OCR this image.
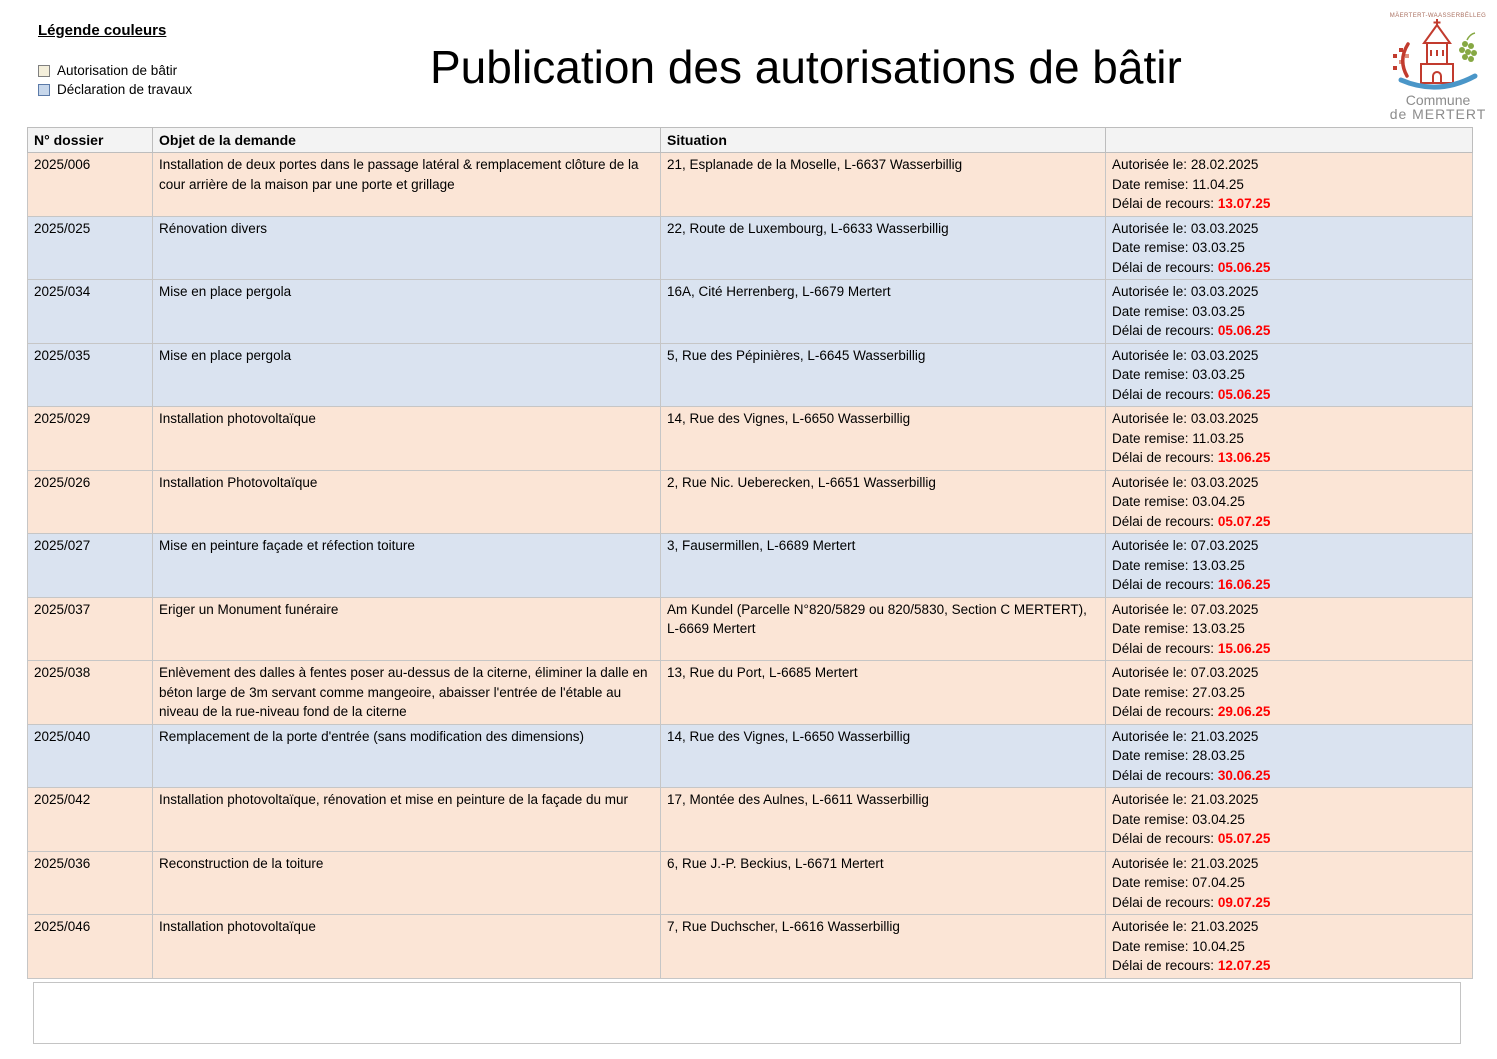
Légende couleurs
Autorisation de bâtir
Déclaration de travaux	Publication des autorisations de bâtir
MÄERTERT-WAASSERBËLLEG
Commune
de MERTERT
N° dossier	Objet de la demande	Situation	
2025/006	Installation de deux portes dans le passage latéral & remplacement clôture de la cour arrière de la maison par une porte et grillage	21, Esplanade de la Moselle, L-6637 Wasserbillig	Autorisée le: 28.02.2025
Date remise: 11.04.25
Délai de recours: 13.07.25

2025/025	Rénovation divers	22, Route de Luxembourg, L-6633 Wasserbillig	Autorisée le: 03.03.2025
Date remise: 03.03.25
Délai de recours: 05.06.25

2025/034	Mise en place pergola	16A, Cité Herrenberg, L-6679 Mertert	Autorisée le: 03.03.2025
Date remise: 03.03.25
Délai de recours: 05.06.25

2025/035	Mise en place pergola	5, Rue des Pépinières, L-6645 Wasserbillig	Autorisée le: 03.03.2025
Date remise: 03.03.25
Délai de recours: 05.06.25

2025/029	Installation photovoltaïque	14, Rue des Vignes, L-6650 Wasserbillig	Autorisée le: 03.03.2025
Date remise: 11.03.25
Délai de recours: 13.06.25

2025/026	Installation Photovoltaïque	2, Rue Nic. Ueberecken, L-6651 Wasserbillig	Autorisée le: 03.03.2025
Date remise: 03.04.25
Délai de recours: 05.07.25

2025/027	Mise en peinture façade et réfection toiture	3, Fausermillen, L-6689 Mertert	Autorisée le: 07.03.2025
Date remise: 13.03.25
Délai de recours: 16.06.25

2025/037	Eriger un Monument funéraire	Am Kundel (Parcelle N°820/5829 ou 820/5830, Section C MERTERT), L-6669 Mertert	Autorisée le: 07.03.2025
Date remise: 13.03.25
Délai de recours: 15.06.25

2025/038	Enlèvement des dalles à fentes poser au-dessus de la citerne, éliminer la dalle en béton large de 3m servant comme mangeoire, abaisser l'entrée de l'étable au niveau de la rue-niveau fond de la citerne	13, Rue du Port, L-6685 Mertert	Autorisée le: 07.03.2025
Date remise: 27.03.25
Délai de recours: 29.06.25

2025/040	Remplacement de la porte d'entrée (sans modification des dimensions)	14, Rue des Vignes, L-6650 Wasserbillig	Autorisée le: 21.03.2025
Date remise: 28.03.25
Délai de recours: 30.06.25

2025/042	Installation photovoltaïque, rénovation et mise en peinture de la façade du mur	17, Montée des Aulnes, L-6611 Wasserbillig	Autorisée le: 21.03.2025
Date remise: 03.04.25
Délai de recours: 05.07.25

2025/036	Reconstruction de la toiture	6, Rue J.-P. Beckius, L-6671 Mertert	Autorisée le: 21.03.2025
Date remise: 07.04.25
Délai de recours: 09.07.25

2025/046	Installation photovoltaïque	7, Rue Duchscher, L-6616 Wasserbillig	Autorisée le: 21.03.2025
Date remise: 10.04.25
Délai de recours: 12.07.25
